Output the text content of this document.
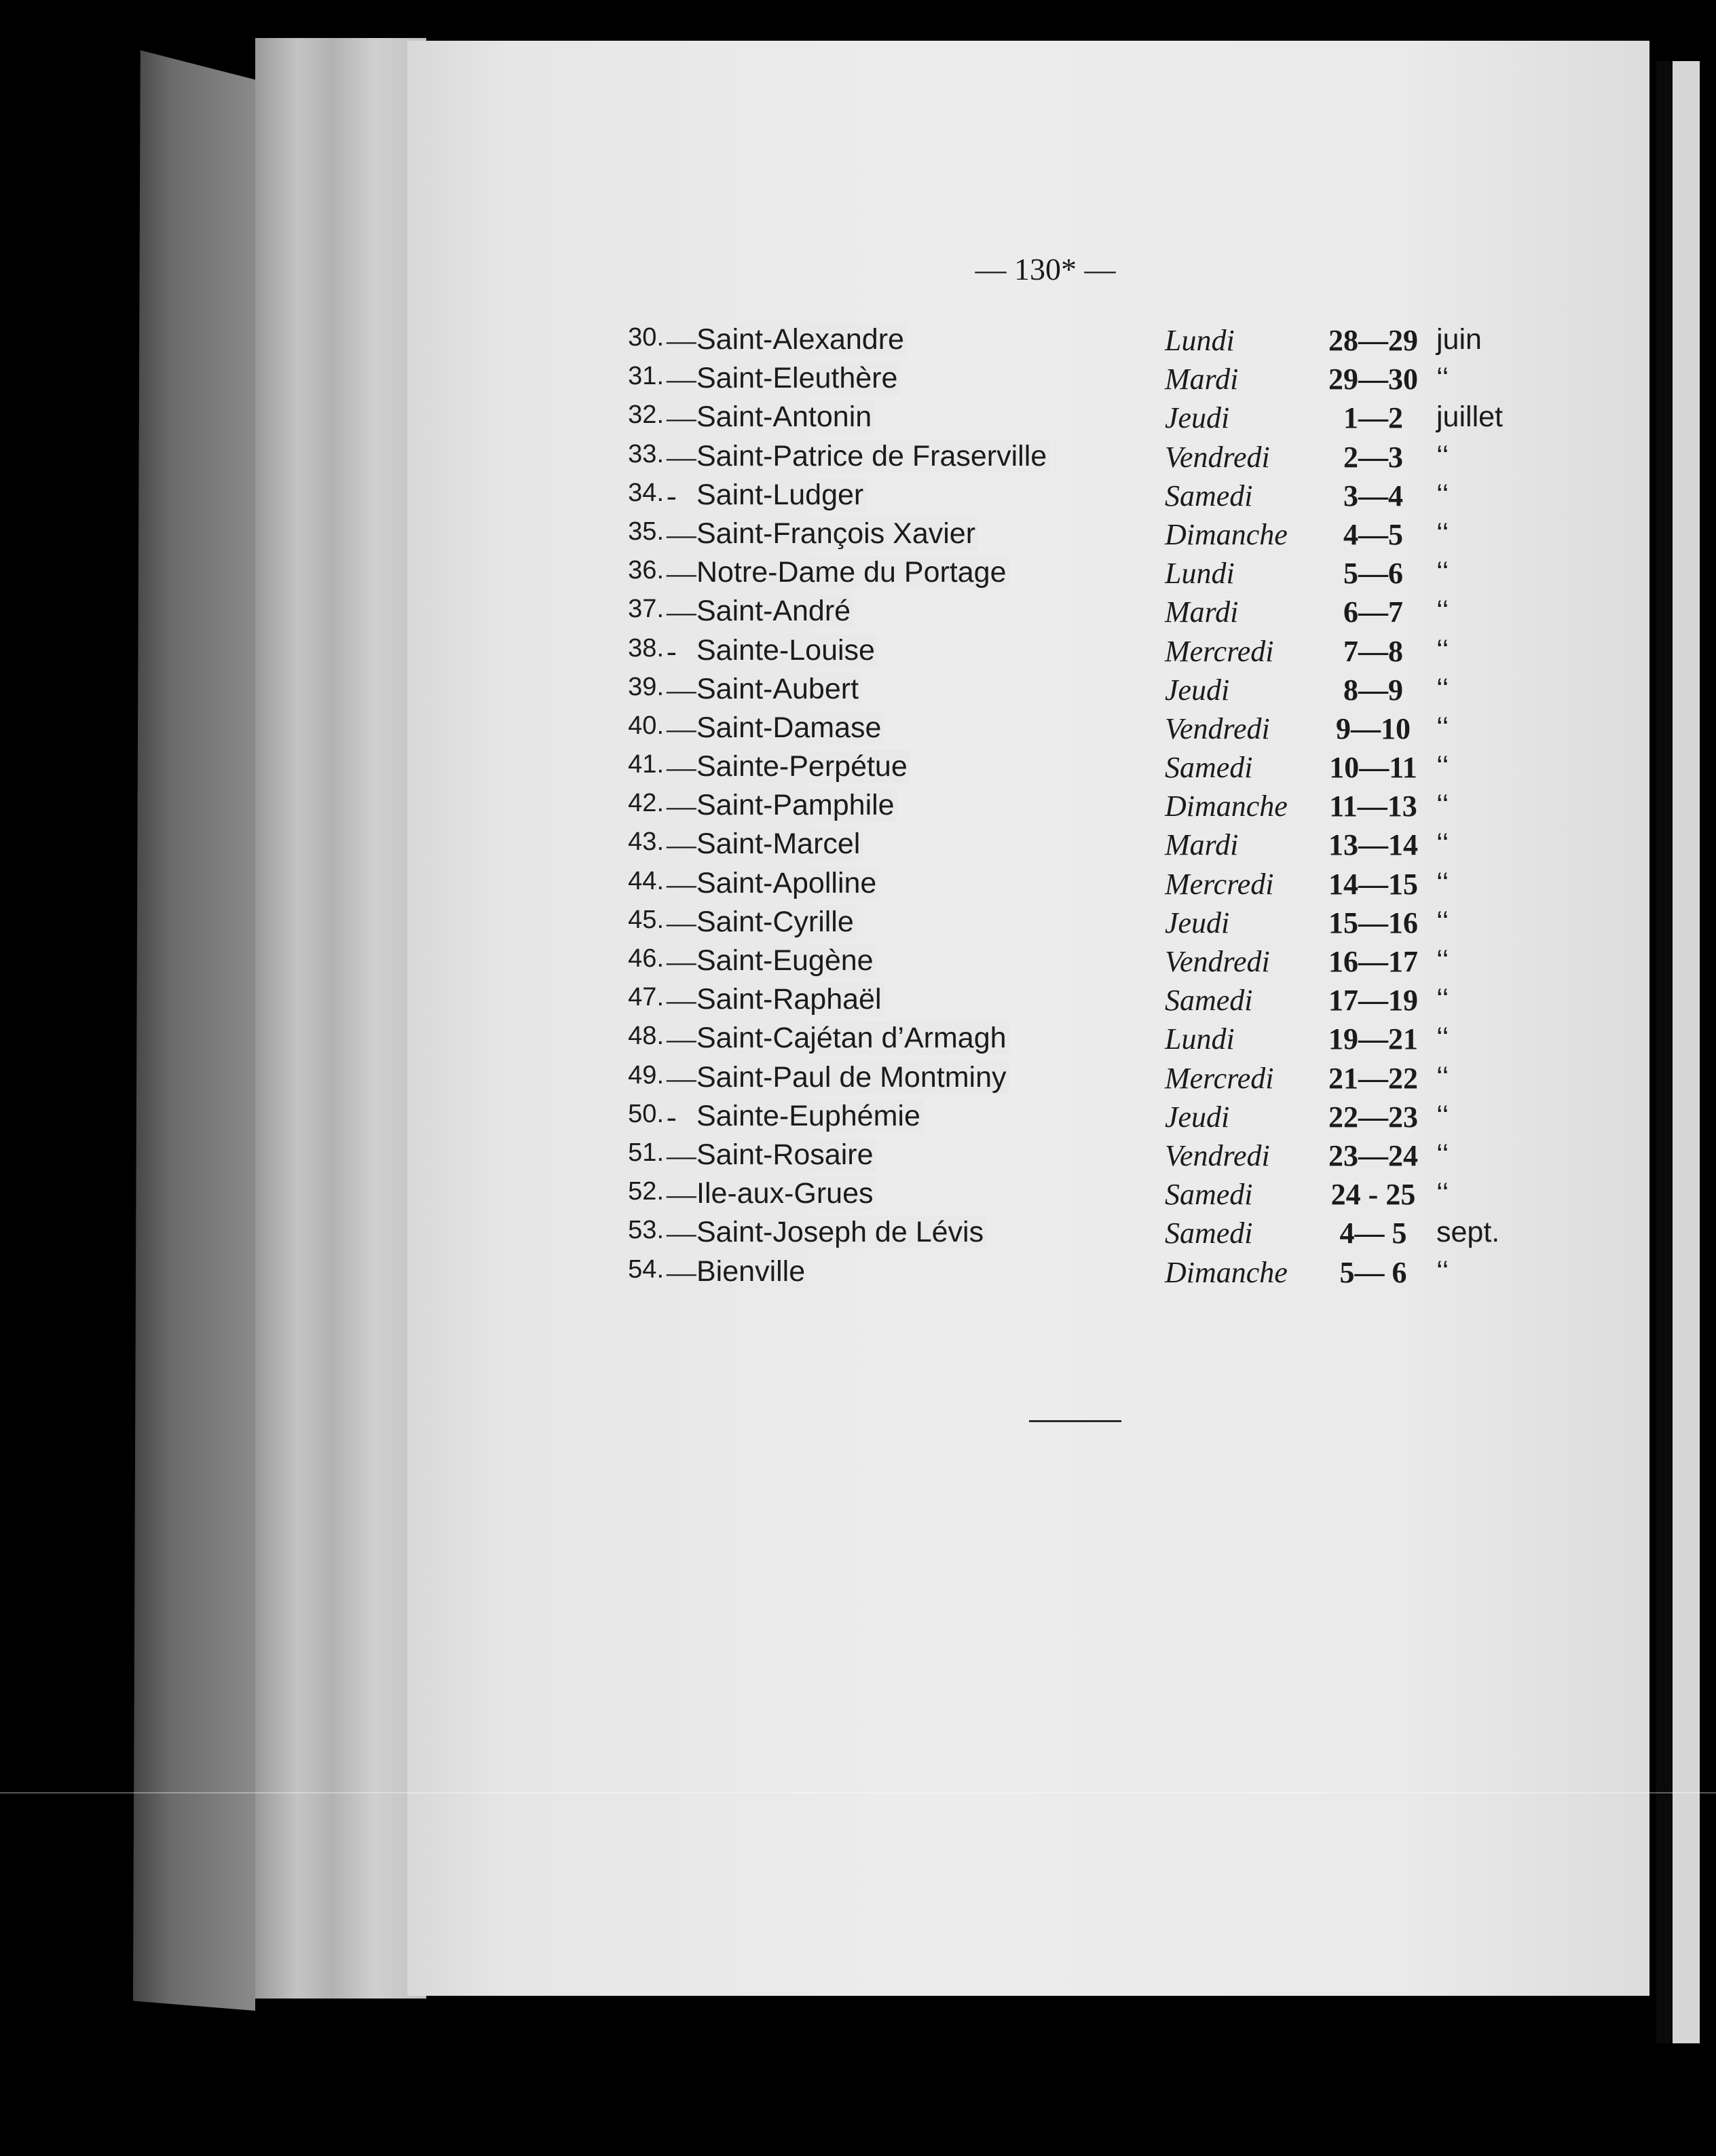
— 130* —
30. — Saint-Alexandre	Lundi	28—29 juin
31. — Saint-Eleuthère	Mardi	29—30 ‘‘
32. — Saint-Antonin	Jeudi	1—2	juillet
33. — Saint-Patrice de Fraserville	Vendredi	2—3	‘‘
34. - Saint-Ludger	Samedi	3—4	‘‘
35. — Saint-François Xavier	Dimanche	4—5	‘‘
36. — Notre-Dame du Portage	Lundi	5—6	‘‘
37. — Saint-André	Mardi	6—7	‘‘
38. - Sainte-Louise	Mercredi	7—8	‘‘
39. — Saint-Aubert	Jeudi	8—9	‘‘
40. — Saint-Damase	Vendredi	9—10 ‘‘
41. — Sainte-Perpétue	Samedi	10—11 ‘‘
42. — Saint-Pamphile	Dimanche 11—13 ‘‘
43. — Saint-Marcel	Mardi	13—14 ‘‘
44. — Saint-Apolline	Mercredi 14—15 ‘‘
45. — Saint-Cyrille	Jeudi	15—16 ‘‘
46. — Saint-Eugène	Vendredi 16—17 ‘‘
47. — Saint-Raphaël	Samedi	17—19 ‘‘
48. — Saint-Cajétan d’Armagh	Lundi	19—21 ‘‘
49. — Saint-Paul de Montminy	Mercredi 21—22 ‘‘
50. - Sainte-Euphémie	Jeudi	22—23 ‘‘
51. — Saint-Rosaire	Vendredi 23—24 ‘‘
52. — Ile-aux-Grues	Samedi	24 - 25 ‘‘
53. — Saint-Joseph de Lévis	Samedi	4— 5	sept.
54. — Bienville	Dimanche	5— 6	‘‘
